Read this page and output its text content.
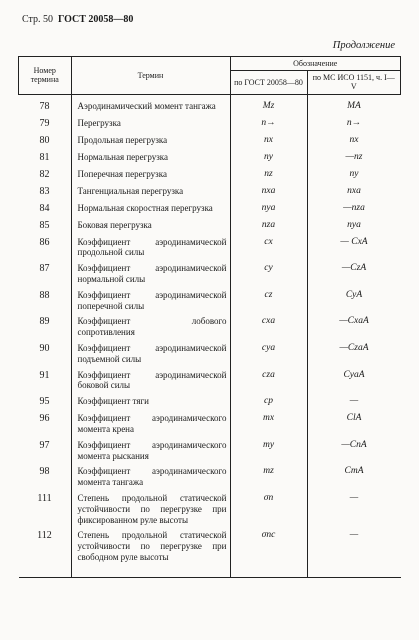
Стр. 50 ГОСТ 20058—80
Продолжение
Номер термина	Термин	Обозначение	
		по ГОСТ 20058—80	по МС ИСО 1151, ч. I—V
78	Аэродинамический момент тангажа	Mz	MA
79	Перегрузка	n→	n→
80	Продольная перегрузка	nx	nx
81	Нормальная перегрузка	ny	—nz
82	Поперечная перегрузка	nz	ny
83	Тангенциальная перегрузка	nxa	nxa
84	Нормальная скоростная перегрузка	nya	—nza
85	Боковая перегрузка	nza	nya
86	Коэффициент аэродинамической продольной силы	cx	— CxA
87	Коэффициент аэродинамической нормальной силы	cy	—CzA
88	Коэффициент аэродинамической поперечной силы	cz	CyA
89	Коэффициент лобового сопротивления	cxa	—CxaA
90	Коэффициент аэродинамической подъемной силы	cya	—CzaA
91	Коэффициент аэродинамической боковой силы	cza	CyaA
95	Коэффициент тяги	cp	—
96	Коэффициент аэродинамического момента крена	mx	ClA
97	Коэффициент аэродинамического момента рыскания	my	—CnA
98	Коэффициент аэродинамического момента тангажа	mz	CmA
111	Степень продольной статической устойчивости по перегрузке при фиксированном руле высоты	σn	—
112	Степень продольной статической устойчивости по перегрузке при свободном руле высоты	σnс	—
